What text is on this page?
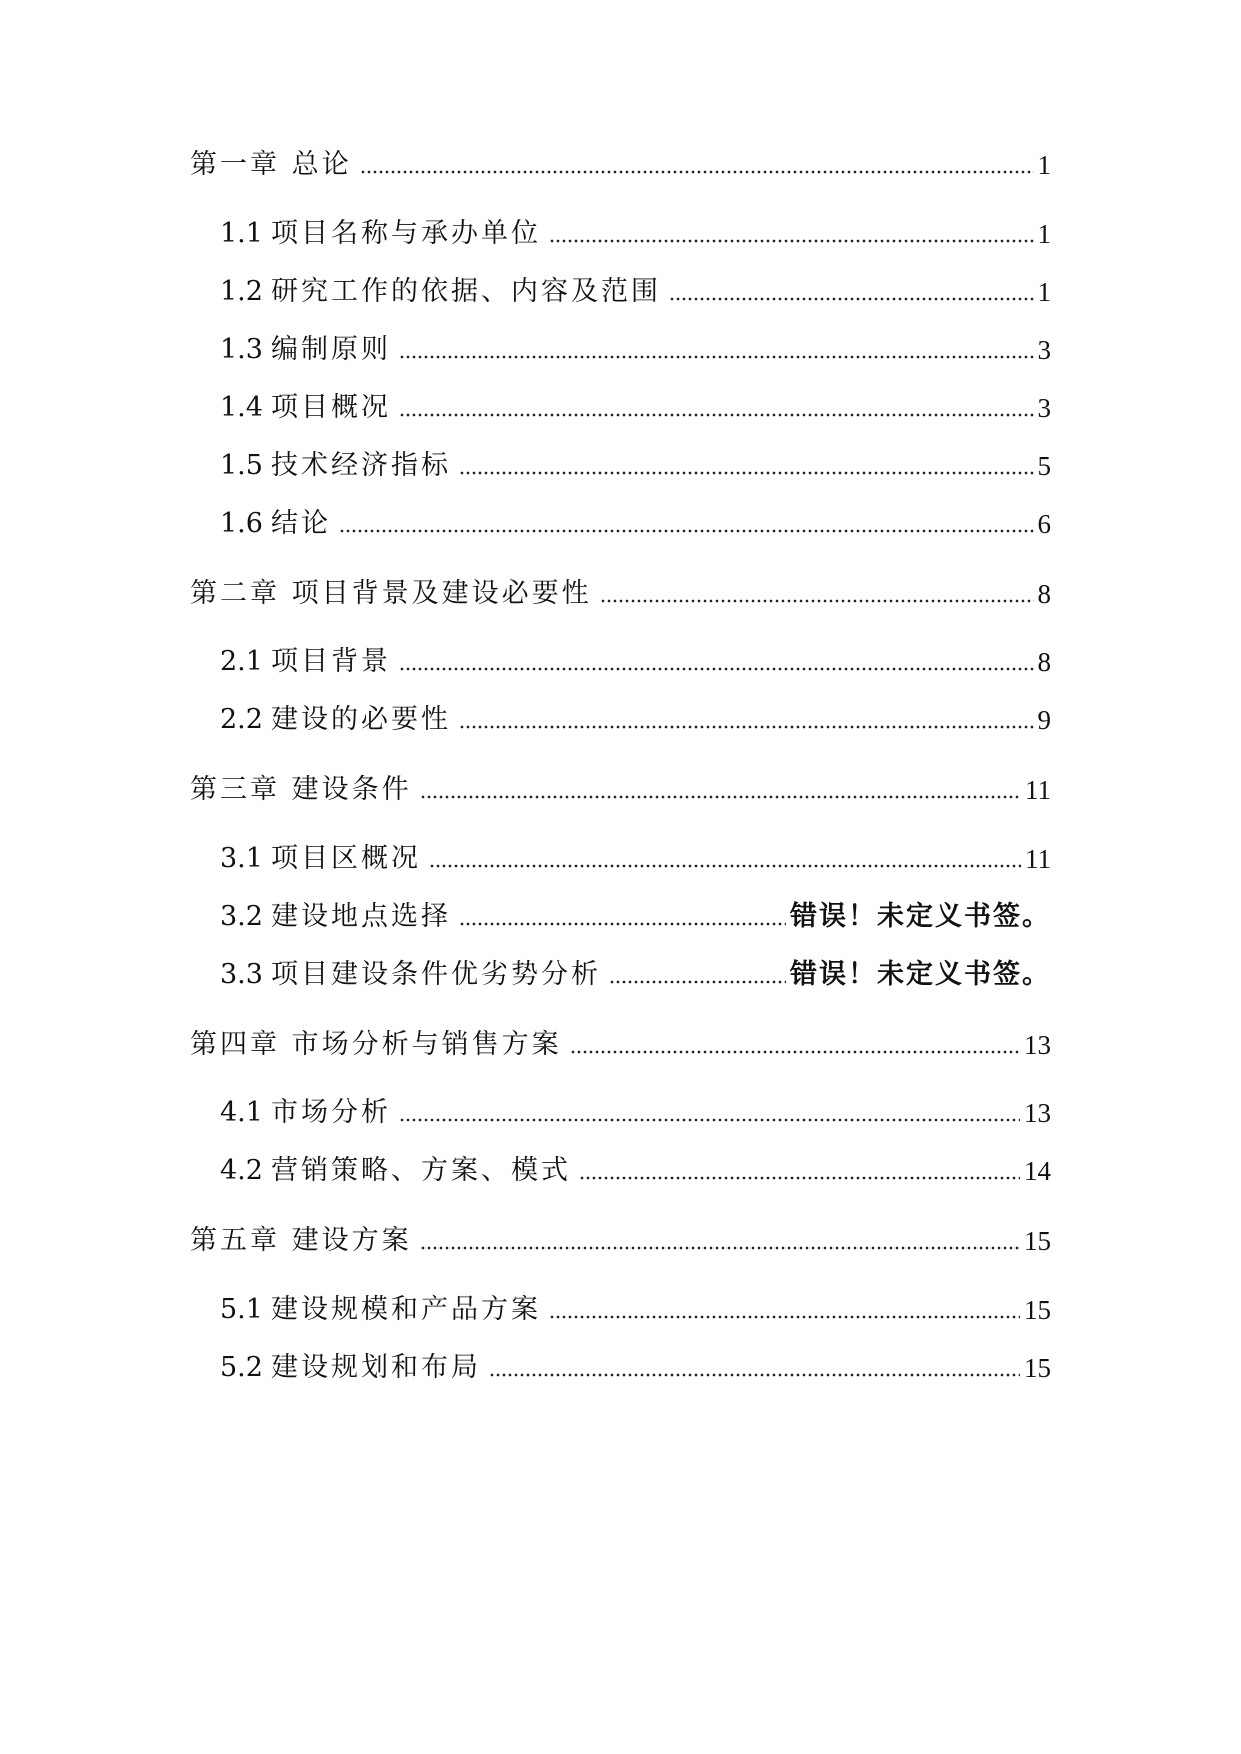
第一章 总论	1
1.1 项目名称与承办单位	1
1.2 研究工作的依据、内容及范围	1
1.3 编制原则	3
1.4 项目概况	3
1.5 技术经济指标	5
1.6 结论	6
第二章 项目背景及建设必要性	8
2.1 项目背景	8
2.2 建设的必要性	9
第三章 建设条件	11
3.1 项目区概况	11
3.2 建设地点选择	错误！未定义书签。
3.3 项目建设条件优劣势分析	错误！未定义书签。
第四章 市场分析与销售方案	13
4.1 市场分析	13
4.2 营销策略、方案、模式	14
第五章 建设方案	15
5.1 建设规模和产品方案	15
5.2 建设规划和布局	15
